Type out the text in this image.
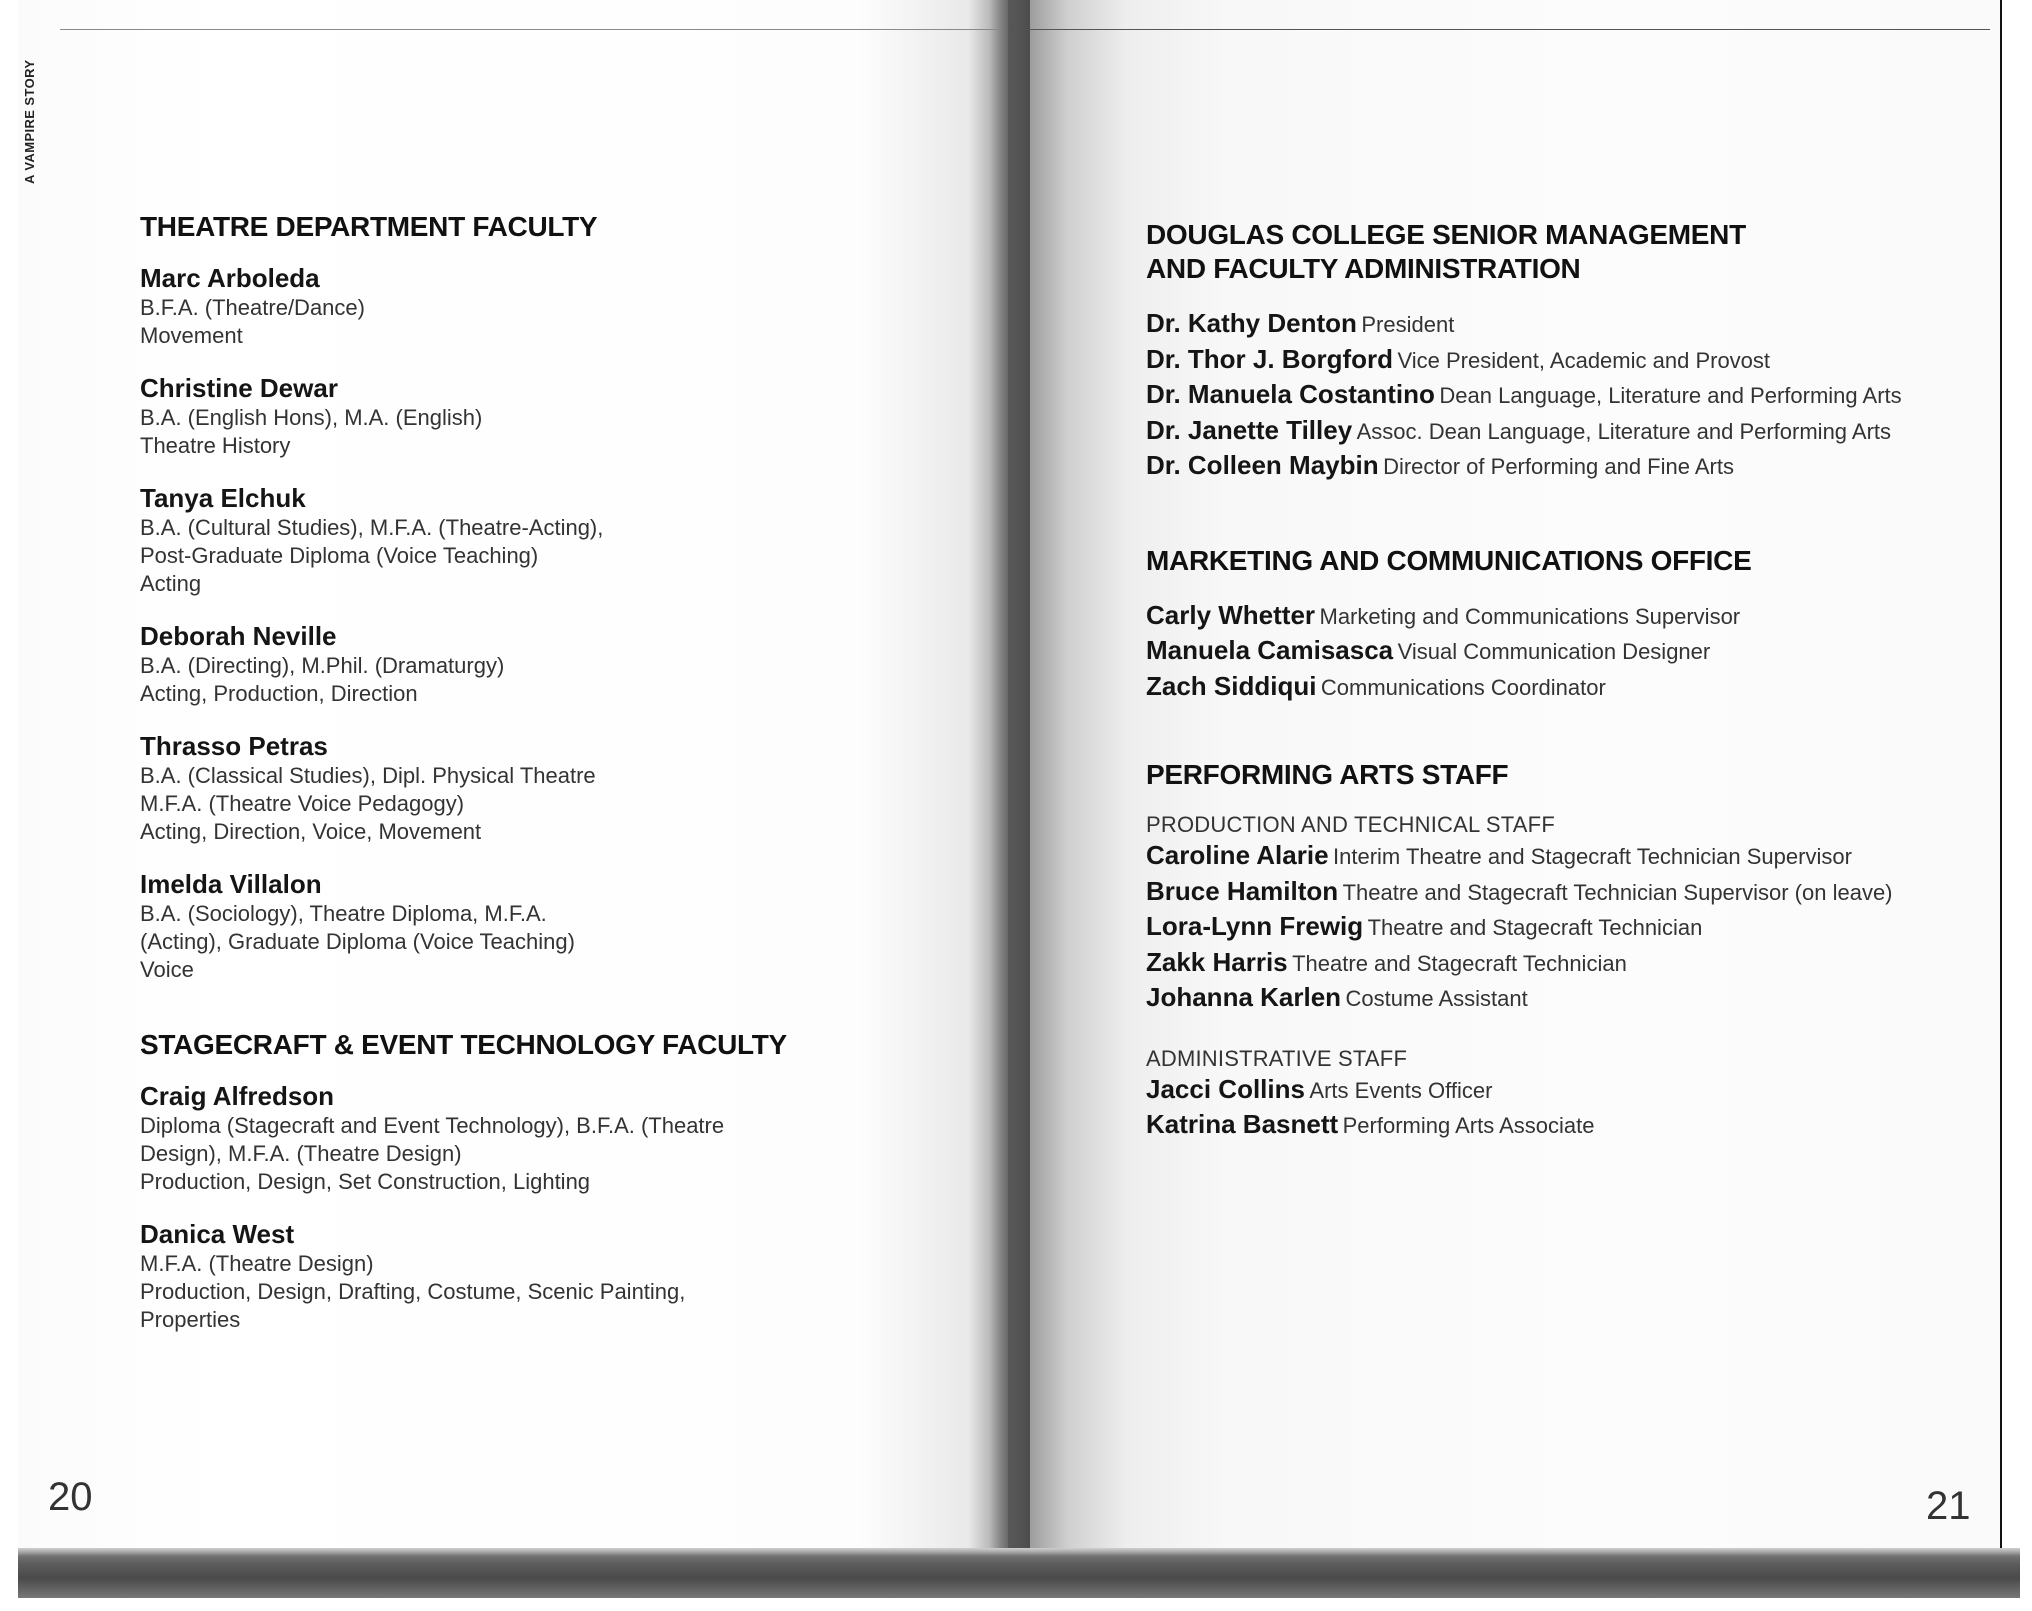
A VAMPIRE STORY
THEATRE DEPARTMENT FACULTY
Marc Arboleda
B.F.A. (Theatre/Dance)
Movement
Christine Dewar
B.A. (English Hons), M.A. (English)
Theatre History
Tanya Elchuk
B.A. (Cultural Studies), M.F.A. (Theatre-Acting),
Post-Graduate Diploma (Voice Teaching)
Acting
Deborah Neville
B.A. (Directing), M.Phil. (Dramaturgy)
Acting, Production, Direction
Thrasso Petras
B.A. (Classical Studies), Dipl. Physical Theatre
M.F.A. (Theatre Voice Pedagogy)
Acting, Direction, Voice, Movement
Imelda Villalon
B.A. (Sociology), Theatre Diploma, M.F.A.
(Acting), Graduate Diploma (Voice Teaching)
Voice
STAGECRAFT & EVENT TECHNOLOGY FACULTY
Craig Alfredson
Diploma (Stagecraft and Event Technology), B.F.A. (Theatre
Design), M.F.A. (Theatre Design)
Production, Design, Set Construction, Lighting
Danica West
M.F.A. (Theatre Design)
Production, Design, Drafting, Costume, Scenic Painting,
Properties
20
DOUGLAS COLLEGE SENIOR MANAGEMENT
AND FACULTY ADMINISTRATION
Dr. Kathy Denton President
Dr. Thor J. Borgford Vice President, Academic and Provost
Dr. Manuela Costantino Dean Language, Literature and Performing Arts
Dr. Janette Tilley Assoc. Dean Language, Literature and Performing Arts
Dr. Colleen Maybin Director of Performing and Fine Arts
MARKETING AND COMMUNICATIONS OFFICE
Carly Whetter Marketing and Communications Supervisor
Manuela Camisasca Visual Communication Designer
Zach Siddiqui Communications Coordinator
PERFORMING ARTS STAFF
PRODUCTION AND TECHNICAL STAFF
Caroline Alarie Interim Theatre and Stagecraft Technician Supervisor
Bruce Hamilton Theatre and Stagecraft Technician Supervisor (on leave)
Lora-Lynn Frewig Theatre and Stagecraft Technician
Zakk Harris Theatre and Stagecraft Technician
Johanna Karlen Costume Assistant
ADMINISTRATIVE STAFF
Jacci Collins Arts Events Officer
Katrina Basnett Performing Arts Associate
21
